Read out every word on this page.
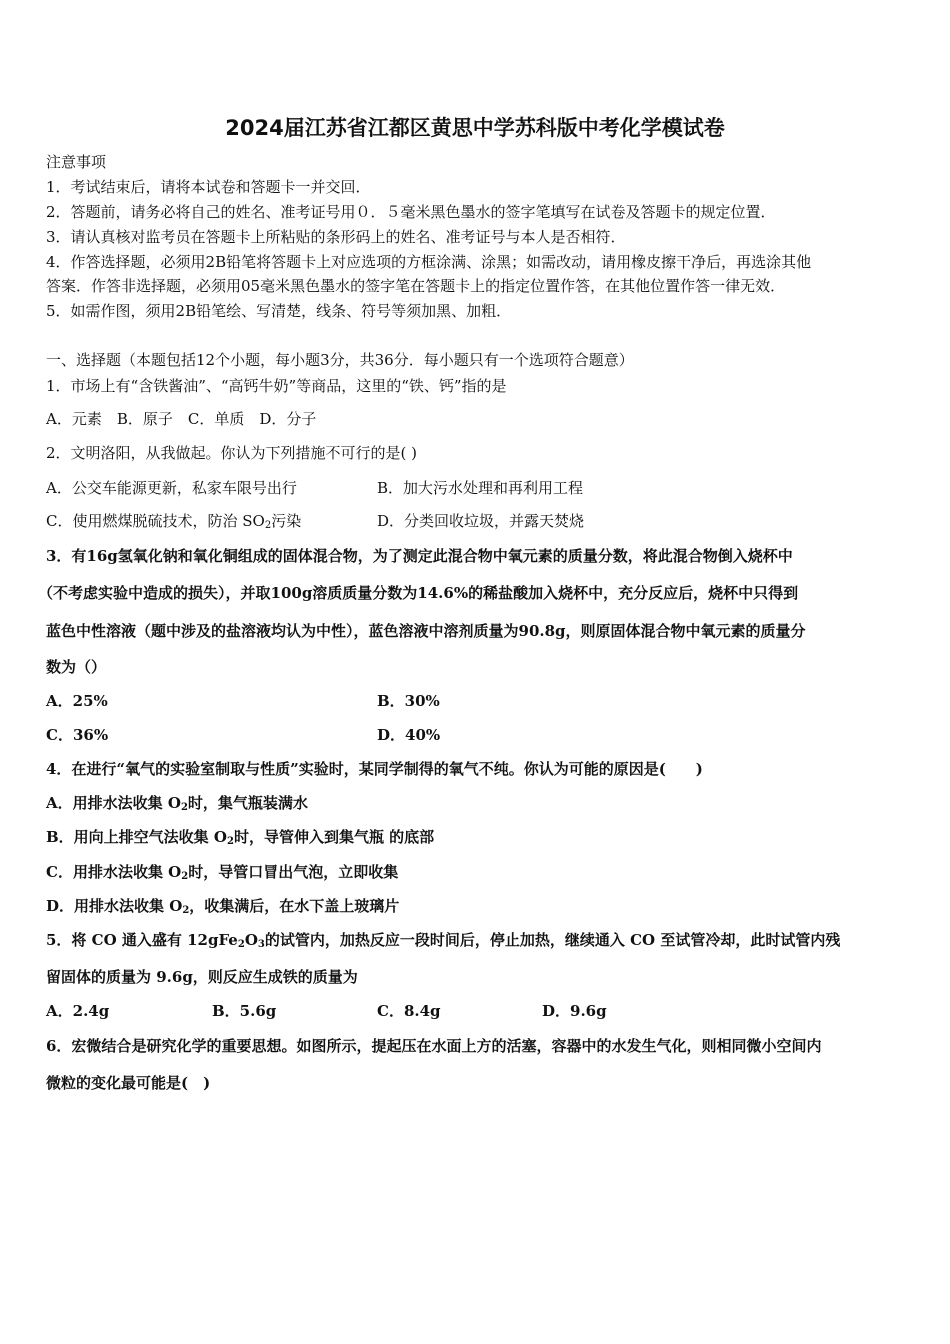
2024届江苏省江都区黄思中学苏科版中考化学模试卷
注意事项
1．考试结束后，请将本试卷和答题卡一并交回．
2．答题前，请务必将自己的姓名、准考证号用０．５毫米黑色墨水的签字笔填写在试卷及答题卡的规定位置．
3．请认真核对监考员在答题卡上所粘贴的条形码上的姓名、准考证号与本人是否相符．
4．作答选择题，必须用2B铅笔将答题卡上对应选项的方框涂满、涂黑；如需改动，请用橡皮擦干净后，再选涂其他
答案．作答非选择题，必须用05毫米黑色墨水的签字笔在答题卡上的指定位置作答，在其他位置作答一律无效．
5．如需作图，须用2B铅笔绘、写清楚，线条、符号等须加黑、加粗．
一、选择题（本题包括12个小题，每小题3分，共36分．每小题只有一个选项符合题意）
1．市场上有“含铁酱油”、“高钙牛奶”等商品，这里的“铁、钙”指的是
A．元素　B．原子　C．单质　D．分子
2．文明洛阳，从我做起。你认为下列措施不可行的是( )
A．公交车能源更新，私家车限号出行	B．加大污水处理和再利用工程
C．使用燃煤脱硫技术，防治 $SO_2$污染	D．分类回收垃圾，并露天焚烧
3．有16g氢氧化钠和氧化铜组成的固体混合物，为了测定此混合物中氧元素的质量分数，将此混合物倒入烧杯中
（不考虑实验中造成的损失），并取100g溶质质量分数为14.6%的稀盐酸加入烧杯中，充分反应后，烧杯中只得到
蓝色中性溶液（题中涉及的盐溶液均认为中性），蓝色溶液中溶剂质量为90.8g，则原固体混合物中氧元素的质量分
数为（）
A．25%	B．30%
C．36%	D．40%
4．在进行“氧气的实验室制取与性质”实验时，某同学制得的氧气不纯。你认为可能的原因是(　　)
A．用排水法收集 $O_2$时，集气瓶装满水
B．用向上排空气法收集 $O_2$时，导管伸入到集气瓶 的底部
C．用排水法收集 $O_2$时，导管口冒出气泡，立即收集
D．用排水法收集 $O_2$，收集满后，在水下盖上玻璃片
5．将 CO 通入盛有 $12gFe_2O_3$的试管内，加热反应一段时间后，停止加热，继续通入 CO 至试管冷却，此时试管内残
留固体的质量为 9.6g，则反应生成铁的质量为
A．2.4g	B．5.6g	C．8.4g	D．9.6g
6．宏微结合是研究化学的重要思想。如图所示，提起压在水面上方的活塞，容器中的水发生气化，则相同微小空间内
微粒的变化最可能是(　)
